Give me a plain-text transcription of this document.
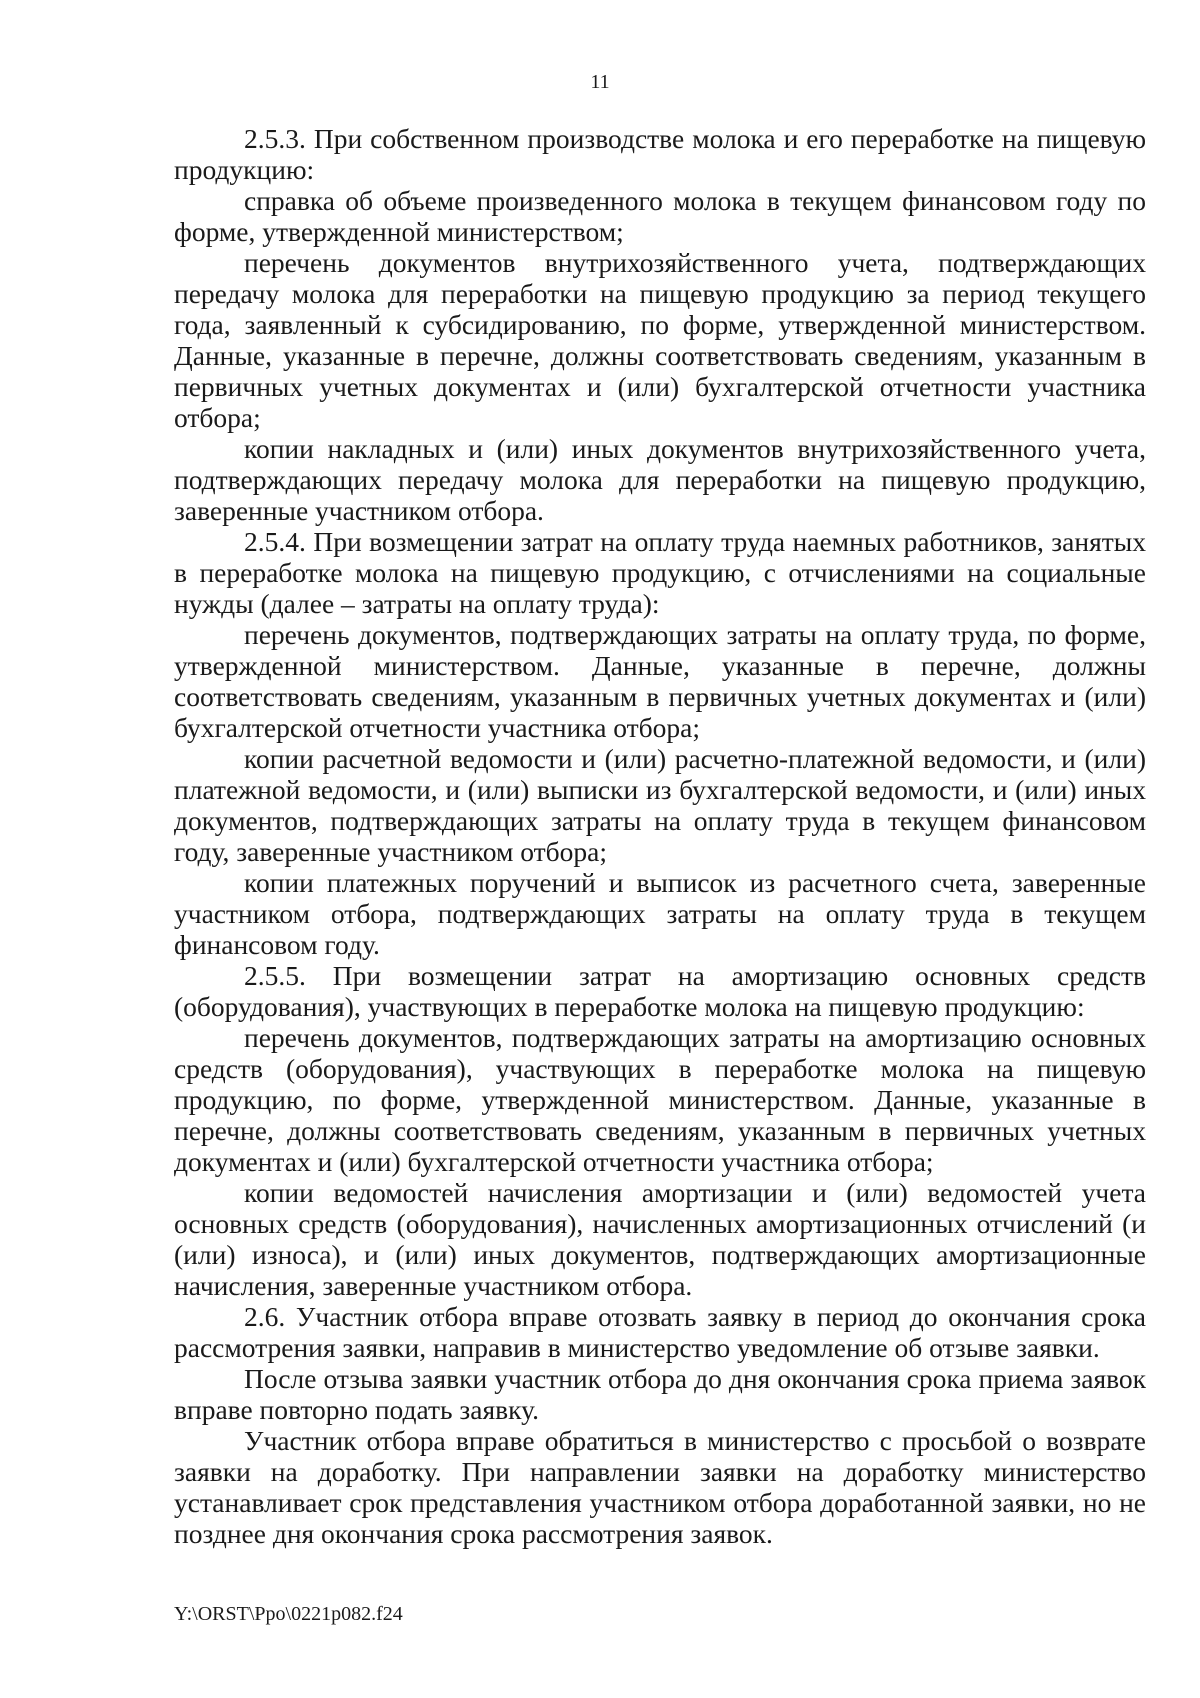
11

2.5.3. При собственном производстве молока и его переработке на пищевую продукцию:

справка об объеме произведенного молока в текущем финансовом году по форме, утвержденной министерством;

перечень документов внутрихозяйственного учета, подтверждающих передачу молока для переработки на пищевую продукцию за период текущего года, заявленный к субсидированию, по форме, утвержденной министерством. Данные, указанные в перечне, должны соответствовать сведениям, указанным в первичных учетных документах и (или) бухгалтерской отчетности участника отбора;

копии накладных и (или) иных документов внутрихозяйственного учета, подтверждающих передачу молока для переработки на пищевую продукцию, заверенные участником отбора.

2.5.4. При возмещении затрат на оплату труда наемных работников, занятых в переработке молока на пищевую продукцию, с отчислениями на социальные нужды (далее – затраты на оплату труда):

перечень документов, подтверждающих затраты на оплату труда, по форме, утвержденной министерством. Данные, указанные в перечне, должны соответствовать сведениям, указанным в первичных учетных документах и (или) бухгалтерской отчетности участника отбора;

копии расчетной ведомости и (или) расчетно-платежной ведомости, и (или) платежной ведомости, и (или) выписки из бухгалтерской ведомости, и (или) иных документов, подтверждающих затраты на оплату труда в текущем финансовом году, заверенные участником отбора;

копии платежных поручений и выписок из расчетного счета, заверенные участником отбора, подтверждающих затраты на оплату труда в текущем финансовом году.

2.5.5. При возмещении затрат на амортизацию основных средств (оборудования), участвующих в переработке молока на пищевую продукцию:

перечень документов, подтверждающих затраты на амортизацию основных средств (оборудования), участвующих в переработке молока на пищевую продукцию, по форме, утвержденной министерством. Данные, указанные в перечне, должны соответствовать сведениям, указанным в первичных учетных документах и (или) бухгалтерской отчетности участника отбора;

копии ведомостей начисления амортизации и (или) ведомостей учета основных средств (оборудования), начисленных амортизационных отчислений (и (или) износа), и (или) иных документов, подтверждающих амортизационные начисления, заверенные участником отбора.

2.6. Участник отбора вправе отозвать заявку в период до окончания срока рассмотрения заявки, направив в министерство уведомление об отзыве заявки.

После отзыва заявки участник отбора до дня окончания срока приема заявок вправе повторно подать заявку.

Участник отбора вправе обратиться в министерство с просьбой о возврате заявки на доработку. При направлении заявки на доработку министерство устанавливает срок представления участником отбора доработанной заявки, но не позднее дня окончания срока рассмотрения заявок.

Y:\ORST\Ppo\0221p082.f24
